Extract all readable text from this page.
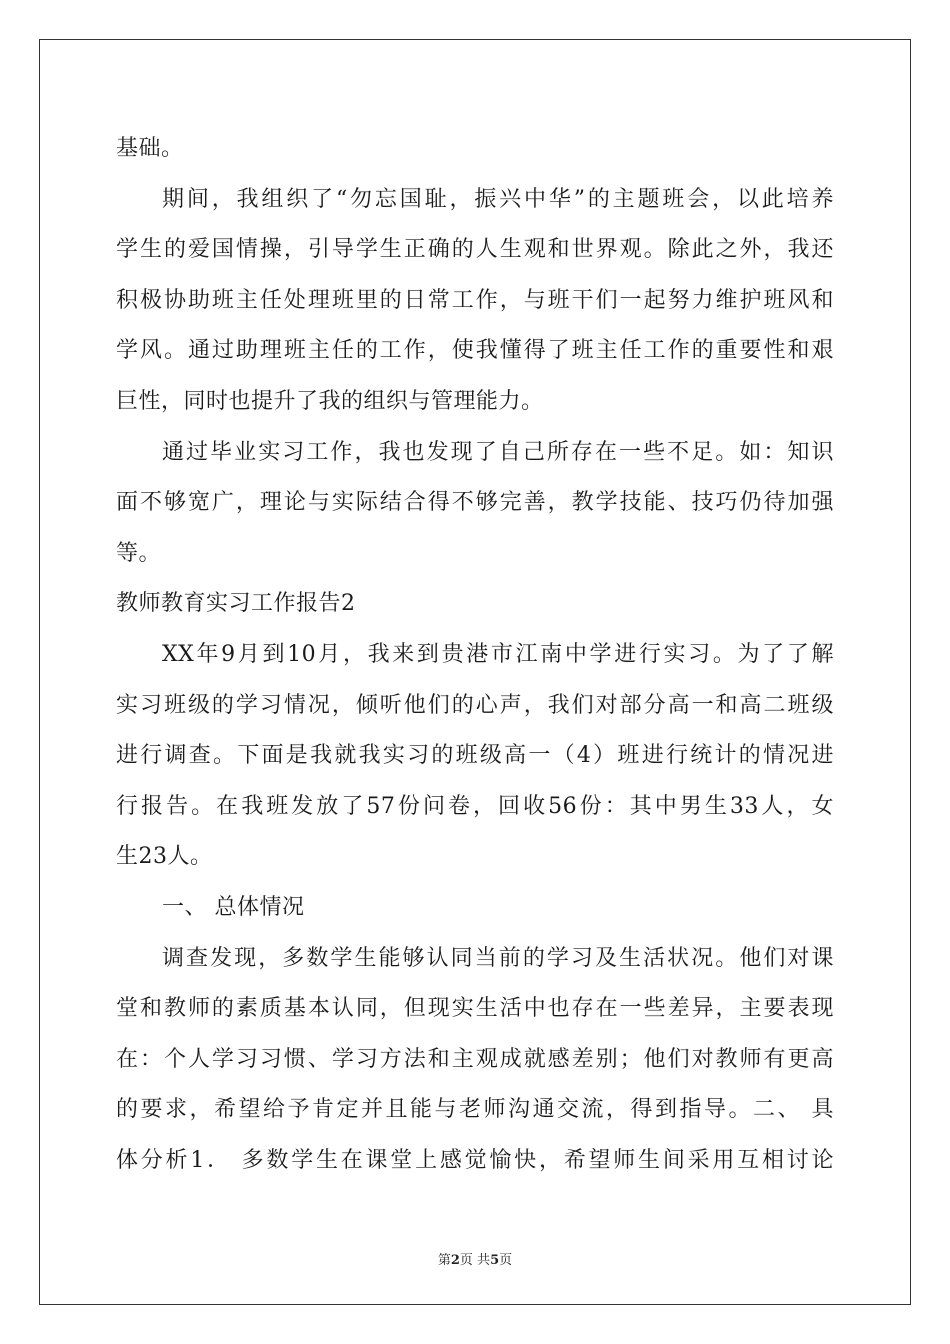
基础。
期间，我组织了“勿忘国耻，振兴中华”的主题班会，以此培养
学生的爱国情操，引导学生正确的人生观和世界观。除此之外，我还
积极协助班主任处理班里的日常工作，与班干们一起努力维护班风和
学风。通过助理班主任的工作，使我懂得了班主任工作的重要性和艰
巨性，同时也提升了我的组织与管理能力。
通过毕业实习工作，我也发现了自己所存在一些不足。如：知识
面不够宽广，理论与实际结合得不够完善，教学技能、技巧仍待加强
等。
教师教育实习工作报告2
XX年9月到10月，我来到贵港市江南中学进行实习。为了了解
实习班级的学习情况，倾听他们的心声，我们对部分高一和高二班级
进行调查。下面是我就我实习的班级高一（4）班进行统计的情况进
行报告。在我班发放了57份问卷，回收56份：其中男生33人，女
生23人。
一、 总体情况
调查发现，多数学生能够认同当前的学习及生活状况。他们对课
堂和教师的素质基本认同，但现实生活中也存在一些差异，主要表现
在：个人学习习惯、学习方法和主观成就感差别；他们对教师有更高
的要求，希望给予肯定并且能与老师沟通交流，得到指导。二、 具
体分析1． 多数学生在课堂上感觉愉快，希望师生间采用互相讨论
第2页 共5页
